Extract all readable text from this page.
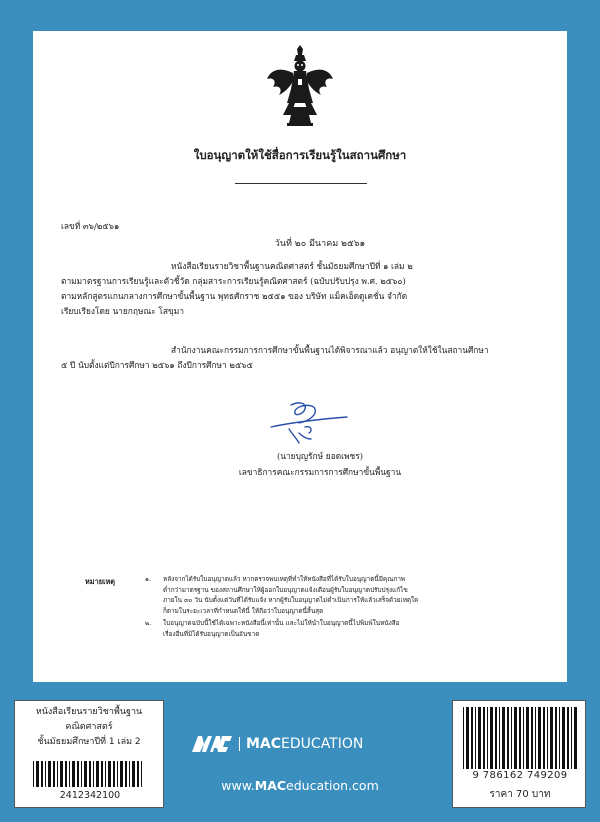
ใบอนุญาตให้ใช้สื่อการเรียนรู้ในสถานศึกษา
เลขที่ ๓๖/๒๕๖๑
วันที่ ๒๐ มีนาคม ๒๕๖๑
หนังสือเรียนรายวิชาพื้นฐานคณิตศาสตร์ ชั้นมัธยมศึกษาปีที่ ๑ เล่ม ๒
ตามมาตรฐานการเรียนรู้และตัวชี้วัด กลุ่มสาระการเรียนรู้คณิตศาสตร์ (ฉบับปรับปรุง พ.ศ. ๒๕๖๐)
ตามหลักสูตรแกนกลางการศึกษาขั้นพื้นฐาน พุทธศักราช ๒๕๕๑ ของ บริษัท แม็คเอ็ดดูเคชั่น จำกัด
เรียบเรียงโดย นายกฤษณะ โสขุมา
สำนักงานคณะกรรมการการศึกษาขั้นพื้นฐานได้พิจารณาแล้ว อนุญาตให้ใช้ในสถานศึกษา
๕ ปี นับตั้งแต่ปีการศึกษา ๒๕๖๑ ถึงปีการศึกษา ๒๕๖๕
(นายบุญรักษ์ ยอดเพชร)
เลขาธิการคณะกรรมการการศึกษาขั้นพื้นฐาน
หมายเหตุ	๑. หลังจากได้รับใบอนุญาตแล้ว หากตรวจพบเหตุที่ทำให้หนังสือที่ได้รับใบอนุญาตนี้มีคุณภาพ
ต่ำกว่ามาตรฐาน ของสถานศึกษาให้ผู้ออกใบอนุญาตแจ้งเตือนผู้รับใบอนุญาตปรับปรุงแก้ไข
ภายใน ๓๐ วัน นับตั้งแต่วันที่ได้รับแจ้ง หากผู้รับใบอนุญาตไม่ดำเนินการให้แล้วเสร็จด้วยเหตุใด
ก็ตามในระยะเวลาที่กำหนดให้นี้ ให้ถือว่าใบอนุญาตนี้สิ้นสุด
๒. ใบอนุญาตฉบับนี้ใช้ได้เฉพาะหนังสือนี้เท่านั้น และไม่ให้นำใบอนุญาตนี้ไปพิมพ์ในหนังสือ
เรื่องอื่นที่มิได้รับอนุญาตเป็นอันขาด
หนังสือเรียนรายวิชาพื้นฐาน
คณิตศาสตร์
ชั้นมัธยมศึกษาปีที่ 1 เล่ม 2
2412342100
MAC EDUCATION
www.MACeducation.com
9 786162 749209
ราคา 70 บาท
